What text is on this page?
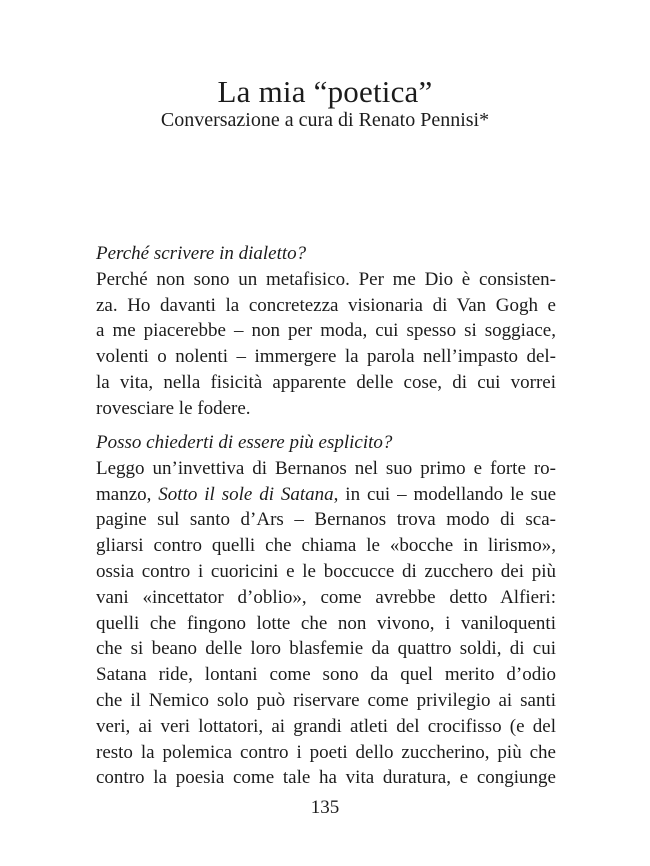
La mia “poetica”
Conversazione a cura di Renato Pennisi*
Perché scrivere in dialetto?
Perché non sono un metafisico. Per me Dio è consisten-
za. Ho davanti la concretezza visionaria di Van Gogh e
a me piacerebbe – non per moda, cui spesso si soggiace,
volenti o nolenti – immergere la parola nell’impasto del-
la vita, nella fisicità apparente delle cose, di cui vorrei
rovesciare le fodere.
Posso chiederti di essere più esplicito?
Leggo un’invettiva di Bernanos nel suo primo e forte ro-
manzo, Sotto il sole di Satana, in cui – modellando le sue
pagine sul santo d’Ars – Bernanos trova modo di sca-
gliarsi contro quelli che chiama le «bocche in lirismo»,
ossia contro i cuoricini e le boccucce di zucchero dei più
vani «incettator d’oblio», come avrebbe detto Alfieri:
quelli che fingono lotte che non vivono, i vaniloquenti
che si beano delle loro blasfemie da quattro soldi, di cui
Satana ride, lontani come sono da quel merito d’odio
che il Nemico solo può riservare come privilegio ai santi
veri, ai veri lottatori, ai grandi atleti del crocifisso (e del
resto la polemica contro i poeti dello zuccherino, più che
contro la poesia come tale ha vita duratura, e congiunge
135
